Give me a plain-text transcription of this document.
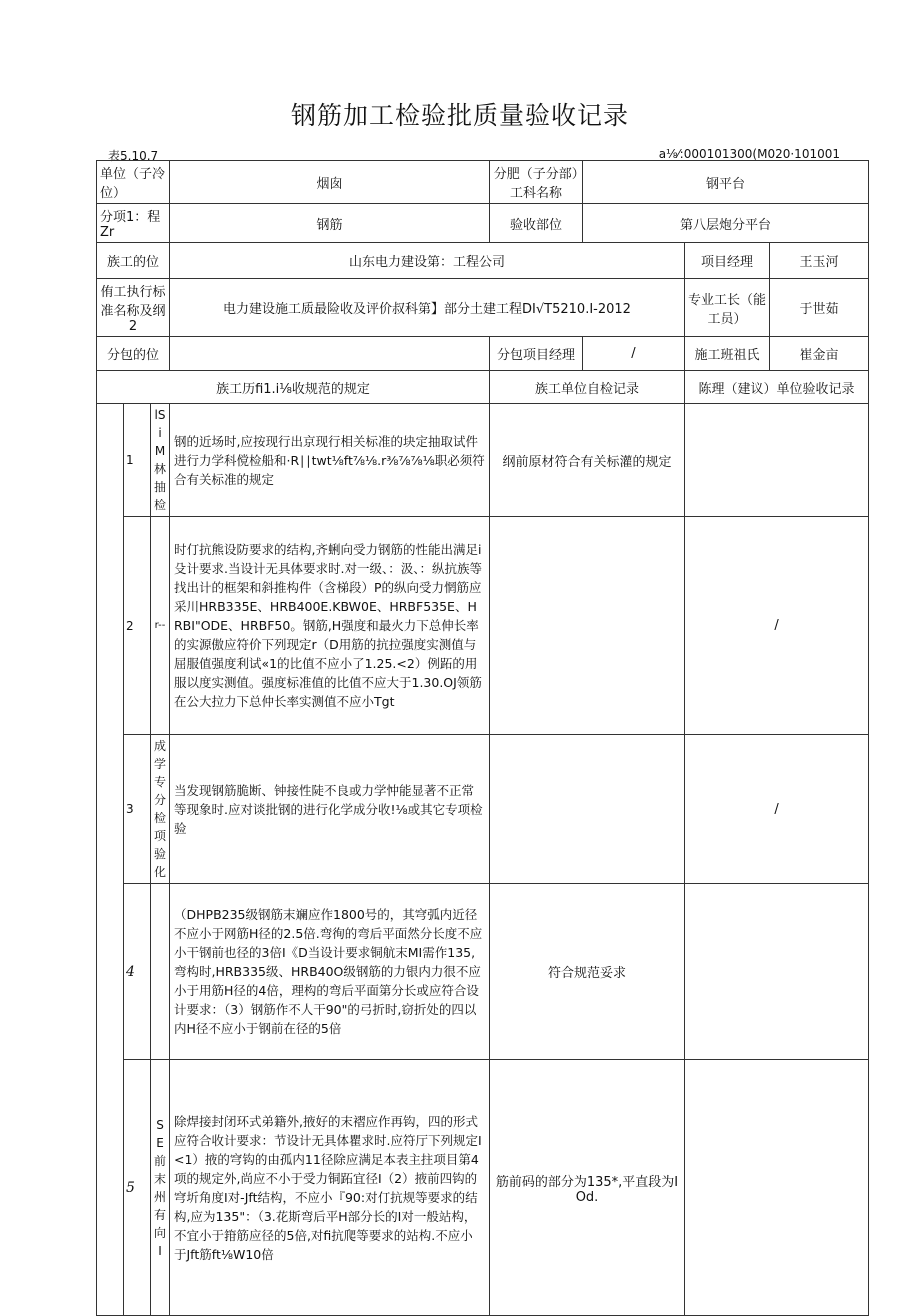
钢筋加工检验批质量验收记录
表5.10.7	a⅛⁄:000101300(M020·101001
单位（子冷位）			烟囱	分肥（子分部）工科名称	钢平台		
分项1：程Zr			钢筋	验收部位	第八层炮分平台		
族工的位			山东电力建设第：工程公司			项目经理	王玉河
侑工执行标准名称及纲2			电力建设施工质最险收及评价叔科第】部分土建工程DI√T5210.I-2012			专业工长（能工员）	于世茹
分包的位				分包项目经理	/	施工班祖氏	崔金亩
族工历fi1.i⅛收规范的规定				族工单位自检记录		陈理（建议）单位验收记录	
	1	lSiM林抽检	钢的近场时,应按现行出京现行相关标准的块定抽取试件进行力学科傥检船和·R∣∣twt⅛ft⅞⅛.r⅜⅞⅞⅛职必须符合有关标准的规定	纲前原材符合有关标灌的规定			
	2	r--	时仃抗熊设防要求的结构,齐蜊向受力钢筋的性能出满足i殳计要求.当设计无具体要求时.对一级、：汲、：纵抗族等找出计的框架和斜推构件（含梯段）P的纵向受力惘筋应采川HRB335E、HRB400E.KBW0E、HRBF535E、HRBI"ODE、HRBF50。钢筋,H强度和最火力下总伸长率的实源傲应符价下列现定r（D用筋的抗拉强度实测值与屈服值强度利试«1的比值不应小了1.25.<2）例跖的用服以度实测值。强度标准值的比值不应大于1.30.OJ领筋在公大拉力下总仲长率实测值不应小Tgt			/	
	3	成学专分检项验化	当发现钢筋脆断、钟接性陡不良或力学忡能显著不正常等现象时.应对谈批钢的进行化学成分收!⅛或其它专项检验			/	
	4		（DHPB235级钢筋末斓应作1800号的，其穹弧内近径不应小于网筋H径的2.5倍.弯徇的弯后平面然分长度不应小干钢前也径的3倍I《D当设计要求铜航末MI需作135,弯构时,HRB335级、HRB40O级钢筋的力银内力很不应小于用筋H径的4倍，理构的弯后平面第分长或应符合设计要求：（3）钢筋作不人干90"的弓折时,窃折处的四以内H径不应小于钢前在径的5倍	符合规范妥求			
	5	SE前末州有向I	除焊接封闭环式弟籍外,掖好的末褶应作再钩，四的形式应符合收计要求：节设计无具体瞿求时.应符厅下列规定I<1）掖的穹钩的由孤内11径除应满足本表主拄项目第4项的规定外,尚应不小于受力铜跖宜径I（2）掖前四钩的穹圻角度I对-Jft结构，不应小『90:对仃抗规等要求的结构,应为135"：（3.花斯弯后平H部分长的I对一般站构，不宜小于箝筋应径的5倍,对fi抗爬等要求的站构.不应小于Jft筋ft⅛W10倍	筋前码的部分为135*,平直段为IOd.			
